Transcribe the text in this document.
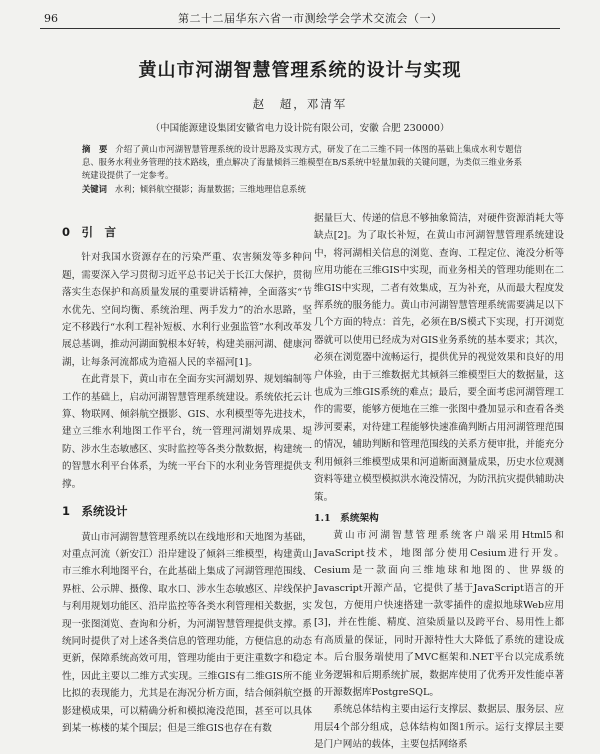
96	第二十二届华东六省一市测绘学会学术交流会（一）
黄山市河湖智慧管理系统的设计与实现
赵　超，邓清军
（中国能源建设集团安徽省电力设计院有限公司，安徽 合肥 230000）
摘　要 介绍了黄山市河湖智慧管理系统的设计思路及实现方式，研发了在二三维不同一体图的基础上集成水利专题信息、服务水利业务管理的技术路线，重点解决了海量倾斜三维模型在B/S系统中轻量加载的关键问题，为类似三维业务系统建设提供了一定参考。
关键词 水利；倾斜航空摄影；海量数据；三维地理信息系统
0　引　言

针对我国水资源存在的污染严重、农害频发等多种问题，需要深入学习贯彻习近平总书记关于长江大保护，贯彻落实生态保护和高质量发展的重要讲话精神，全面落实“节水优先、空间均衡、系统治理、两手发力”的治水思路，坚定不移践行“水利工程补短板、水利行业强监管”水利改革发展总基调，推动河湖面貌根本好转，构建美丽河湖、健康河湖，让每条河流都成为造福人民的幸福河[1]。

在此背景下，黄山市在全面夯实河湖划界、规划编制等工作的基础上，启动河湖智慧管理系统建设。系统依托云计算、物联网、倾斜航空摄影、GIS、水利模型等先进技术，建立三维水利地图工作平台，统一管理河湖划界成果、堤防、涉水生态敏感区、实时监控等各类分散数据，构建统一的智慧水利平台体系，为统一平台下的水利业务管理提供支撑。

1　系统设计

黄山市河湖智慧管理系统以在线地形和天地图为基础，对重点河流（新安江）沿岸建设了倾斜三维模型，构建黄山市三维水利地图平台，在此基础上集成了河湖管理范围线、界桩、公示牌、摄像、取水口、涉水生态敏感区、岸线保护与利用规划功能区、沿岸监控等各类水利管理相关数据，实现一张图浏览、查询和分析，为河湖智慧管理提供支撑。系统同时提供了对上述各类信息的管理功能，方便信息的动态更新，保障系统高效可用，管理功能由于更注重数字和稳定性，因此主要以二维方式实现。三维GIS有二维GIS所不能比拟的表现能力，尤其是在海况分析方面，结合倾斜航空摄影建模成果，可以精确分析和模拟淹没范围，甚至可以具体到某一栋楼的某个围层；但是三维GIS也存在有数

据量巨大、传递的信息不够抽象简洁，对硬件资源消耗大等缺点[2]。为了取长补短，在黄山市河湖智慧管理系统建设中，将河湖相关信息的浏览、查询、工程定位、淹没分析等应用功能在三维GIS中实现，而业务相关的管理功能则在二维GIS中实现，二者有效集成，互为补充，从而最大程度发挥系统的服务能力。黄山市河湖智慧管理系统需要满足以下几个方面的特点：首先，必须在B/S模式下实现，打开浏览器就可以使用已经成为对GIS业务系统的基本要求；其次，必须在浏览器中流畅运行，提供优异的视觉效果和良好的用户体验，由于三维数据尤其倾斜三维模型巨大的数据量，这也成为三维GIS系统的难点；最后，要全面考虑河湖管理工作的需要，能够方便地在三维一张图中叠加显示和查看各类涉河要素，对待建工程能够快速准确判断占用河湖管理范围的情况，辅助判断和管理范围线的关系方便审批，并能充分利用倾斜三维模型成果和河道断面测量成果，历史水位观测资料等建立模型模拟洪水淹没情况，为防汛抗灾提供辅助决策。

1.1　系统架构

黄山市河湖智慧管理系统客户端采用Html5和JavaScript技术，地图部分使用Cesium进行开发。Cesium是一款面向三维地球和地图的、世界级的Javascript开源产品，它提供了基于JavaScript语言的开发包，方便用户快速搭建一款零插件的虚拟地球Web应用[3]，并在性能、精度、渲染质量以及跨平台、易用性上都有高质量的保证，同时开源特性大大降低了系统的建设成本。后台服务端使用了MVC框架和.NET平台以完成系统业务逻辑和后期系统扩展，数据库使用了优秀开发性能卓著的开源数据库PostgreSQL。

系统总体结构主要由运行支撑层、数据层、服务层、应用层4个部分组成，总体结构如图1所示。运行支撑层主要是门户网站的载体，主要包括网络系
